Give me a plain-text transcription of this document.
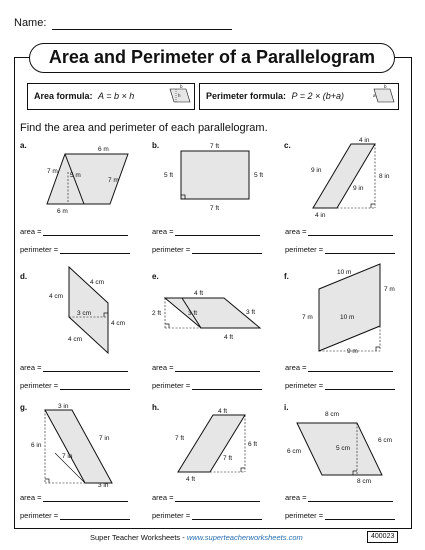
Name:
Area and Perimeter of a Parallelogram
Area formula: A = b × h	h
b
Perimeter formula: P = 2 × (b+a)	a
b
Find the area and perimeter of each parallelogram.
a.	b.	c.
d.	e.	f.
g.	h.	i.
6 m
7 m
5 m
7 m
6 m
7 ft
5 ft	5 ft
7 ft
4 in
9 in
8 in
9 in
4 in
4 cm
4 cm
3 cm
4 cm
4 cm
4 ft
2 ft	3 ft	3 ft
4 ft
10 m
7 m
7 m	10 m
9 m
3 in
6 in
7 in
7 in
3 in
4 ft
7 ft
6 ft
7 ft
4 ft
8 cm
6 cm	5 cm
6 cm
8 cm
area =
perimeter =
area =
perimeter =
area =
perimeter =
area =
perimeter =
area =
perimeter =
area =
perimeter =
area =
perimeter =
area =
perimeter =
area =
perimeter =
Super Teacher Worksheets - www.superteacherworksheets.com	400023
